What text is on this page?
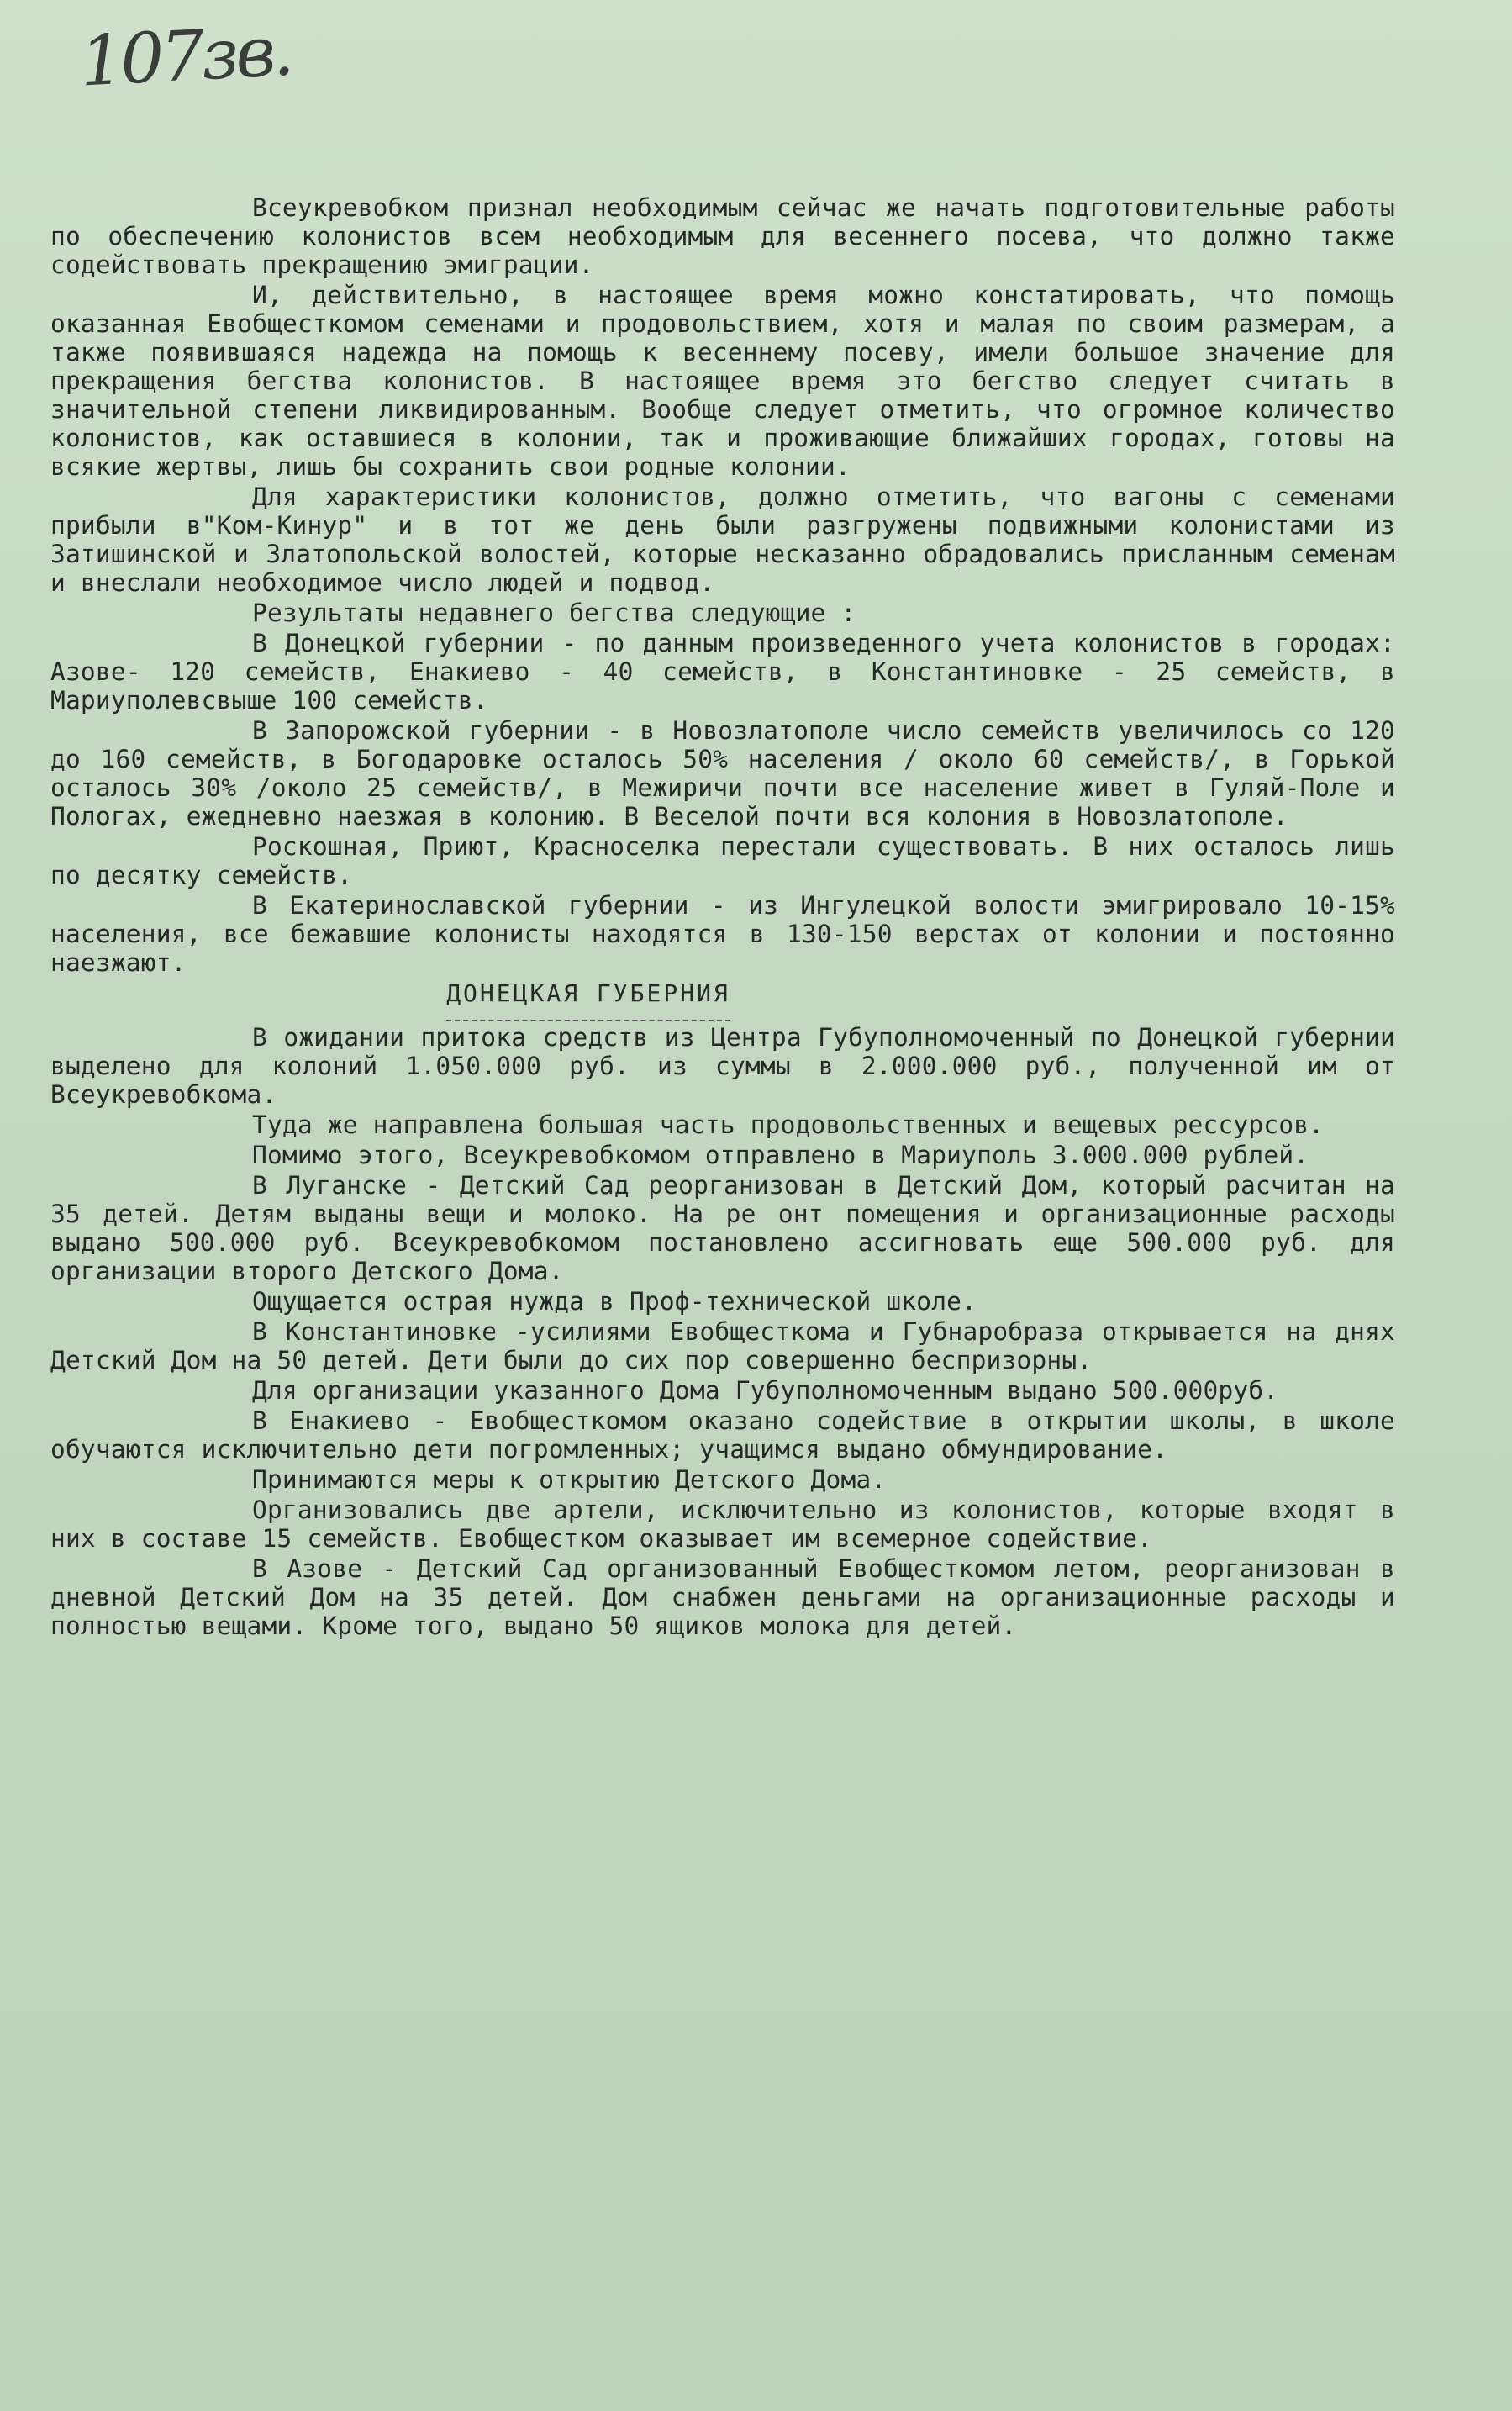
107зв.

Всеукревобком признал необходимым сейчас же начать подготовительные работы по обеспечению колонистов всем необходимым для весеннего посева, что должно также содействовать прекращению эмиграции.

И, действительно, в настоящее время можно констатировать, что помощь оказанная Евобщесткомом семенами и продовольствием, хотя и малая по своим размерам, а также появившаяся надежда на помощь к весеннему посеву, имели большое значение для прекращения бегства колонистов. В настоящее время это бегство следует считать в значительной степени ликвидированным. Вообще следует отметить, что огромное количество колонистов, как оставшиеся в колонии, так и проживающие ближайших городах, готовы на всякие жертвы, лишь бы сохранить свои родные колонии.

Для характеристики колонистов, должно отметить, что вагоны с семенами прибыли в"Ком-Кинур" и в тот же день были разгружены подвижными колонистами из Затишинской и Златопольской волостей, которые несказанно обрадовались присланным семенам и внеслали необходимое число людей и подвод.

Результаты недавнего бегства следующие :

В Донецкой губернии - по данным произведенного учета колонистов в городах: Азове- 120 семейств, Енакиево - 40 семейств, в Константиновке - 25 семейств, в Мариуполевсвыше 100 семейств.

В Запорожской губернии - в Новозлатополе число семейств увеличилось со 120 до 160 семейств, в Богодаровке осталось 50% населения / около 60 семейств/, в Горькой осталось 30% /около 25 семейств/, в Межиричи почти все население живет в Гуляй-Поле и Пологах, ежедневно наезжая в колонию. В Веселой почти вся колония в Новозлатополе.

Роскошная, Приют, Красноселка перестали существовать. В них осталось лишь по десятку семейств.

В Екатеринославской губернии - из Ингулецкой волости эмигрировало 10-15% населения, все бежавшие колонисты находятся в 130-150 верстах от колонии и постоянно наезжают.

ДОНЕЦКАЯ ГУБЕРНИЯ

В ожидании притока средств из Центра Губуполномоченный по Донецкой губернии выделено для колоний 1.050.000 руб. из суммы в 2.000.000 руб., полученной им от Всеукревобкома.

Туда же направлена большая часть продовольственных и вещевых рессурсов.

Помимо этого, Всеукревобкомом отправлено в Мариуполь 3.000.000 рублей.

В Луганске - Детский Сад реорганизован в Детский Дом, который расчитан на 35 детей. Детям выданы вещи и молоко. На ре онт помещения и организационные расходы выдано 500.000 руб. Всеукревобкомом постановлено ассигновать еще 500.000 руб. для организации второго Детского Дома.

Ощущается острая нужда в Проф-технической школе.

В Константиновке -усилиями Евобщесткома и Губнаробраза открывается на днях Детский Дом на 50 детей. Дети были до сих пор совершенно беспризорны.

Для организации указанного Дома Губуполномоченным выдано 500.000руб.

В Енакиево - Евобщесткомом оказано содействие в открытии школы, в школе обучаются исключительно дети погромленных; учащимся выдано обмундирование.

Принимаются меры к открытию Детского Дома.

Организовались две артели, исключительно из колонистов, которые входят в них в составе 15 семейств. Евобщестком оказывает им всемерное содействие.

В Азове - Детский Сад организованный Евобщесткомом летом, реорганизован в дневной Детский Дом на 35 детей. Дом снабжен деньгами на организационные расходы и полностью вещами. Кроме того, выдано 50 ящиков молока для детей.
